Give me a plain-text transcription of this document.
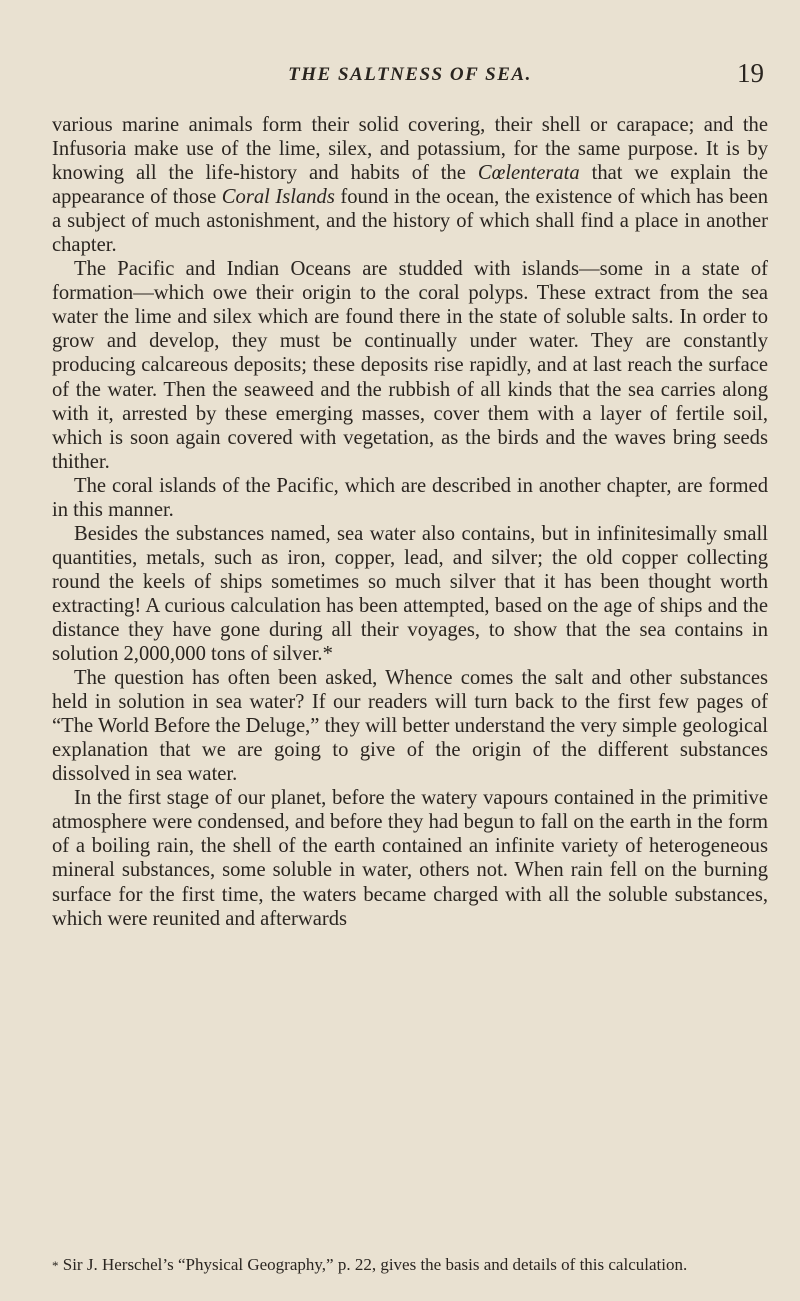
THE SALTNESS OF SEA.	19

various marine animals form their solid covering, their shell or carapace; and the Infusoria make use of the lime, silex, and potassium, for the same purpose. It is by knowing all the life-history and habits of the Cœlenterata that we explain the appearance of those Coral Islands found in the ocean, the existence of which has been a subject of much astonishment, and the history of which shall find a place in another chapter.

The Pacific and Indian Oceans are studded with islands—some in a state of formation—which owe their origin to the coral polyps. These extract from the sea water the lime and silex which are found there in the state of soluble salts. In order to grow and develop, they must be continually under water. They are constantly producing calcareous deposits; these deposits rise rapidly, and at last reach the surface of the water. Then the seaweed and the rubbish of all kinds that the sea carries along with it, arrested by these emerging masses, cover them with a layer of fertile soil, which is soon again covered with vegetation, as the birds and the waves bring seeds thither.

The coral islands of the Pacific, which are described in another chapter, are formed in this manner.

Besides the substances named, sea water also contains, but in infinitesimally small quantities, metals, such as iron, copper, lead, and silver; the old copper collecting round the keels of ships sometimes so much silver that it has been thought worth extracting! A curious calculation has been attempted, based on the age of ships and the distance they have gone during all their voyages, to show that the sea contains in solution 2,000,000 tons of silver.*

The question has often been asked, Whence comes the salt and other substances held in solution in sea water? If our readers will turn back to the first few pages of “The World Before the Deluge,” they will better understand the very simple geological explanation that we are going to give of the origin of the different substances dissolved in sea water.

In the first stage of our planet, before the watery vapours contained in the primitive atmosphere were condensed, and before they had begun to fall on the earth in the form of a boiling rain, the shell of the earth contained an infinite variety of heterogeneous mineral substances, some soluble in water, others not. When rain fell on the burning surface for the first time, the waters became charged with all the soluble substances, which were reunited and afterwards

* Sir J. Herschel’s “Physical Geography,” p. 22, gives the basis and details of this calculation.
